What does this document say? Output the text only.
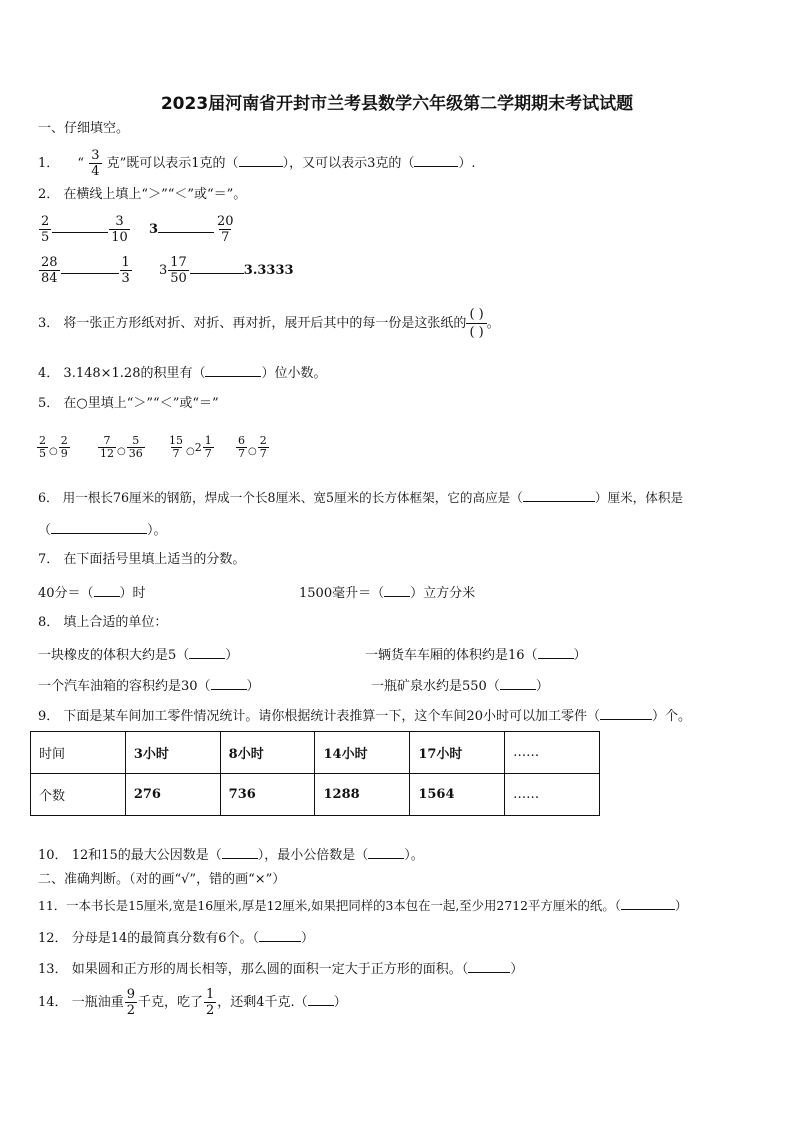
2023届河南省开封市兰考县数学六年级第二学期期末考试试题
一、仔细填空。
1． “ $\frac{3}{4}$ 克”既可以表示1克的（	），又可以表示3克的（	）.
2． 在横线上填上“＞”“＜”或“＝”。
$\frac{2}{5}$	$\frac{3}{10} 3$	$\frac{20}{7}$
$\frac{28}{84}$	$\frac{1}{3} 3 \frac{17}{50}$	3.3333
3． 将一张正方形纸对折、对折、再对折，展开后其中的每一份是这张纸的 $\frac{( )}{( )}$ 。
4． 3.148×1.28的积里有（	）位小数。
5． 在○里填上“＞”“＜”或“＝”
$\frac{2}{5} _○ \frac{2}{9}$
	$\frac{7}{12} _○ \frac{5}{36}$
$\frac{15}{7} _○2 \frac{1}{7}$
$\frac{6}{7} _○ \frac{2}{7}$
6． 用一根长76厘米的钢筋，焊成一个长8厘米、宽5厘米的长方体框架，它的高应是（	）厘米，体积是
（	）。
7． 在下面括号里填上适当的分数。
40分＝（ ）时	1500毫升＝（ ）立方分米
8． 填上合适的单位：
一块橡皮的体积大约是5（	）	一辆货车车厢的体积约是16（	）
一个汽车油箱的容积约是30（	）	一瓶矿泉水约是550（	）
9． 下面是某车间加工零件情况统计。请你根据统计表推算一下，这个车间20小时可以加工零件（	）个。
时间	3小时	8小时	14小时	17小时	……
个数	276	736	1288	1564	……
10． 12和15的最大公因数是（	），最小公倍数是（	）。
二、准确判断。（对的画“√”，错的画“×”）
11．一本书长是15厘米,宽是16厘米,厚是12厘米,如果把同样的3本包在一起,至少用2712平方厘米的纸。（	）
12． 分母是14的最简真分数有6个。（	）
13． 如果圆和正方形的周长相等，那么圆的面积一定大于正方形的面积。（	）
14． 一瓶油重 $\frac{9}{2}$ 千克，吃了 $\frac{1}{2}$ ，还剩4千克.（ ）
